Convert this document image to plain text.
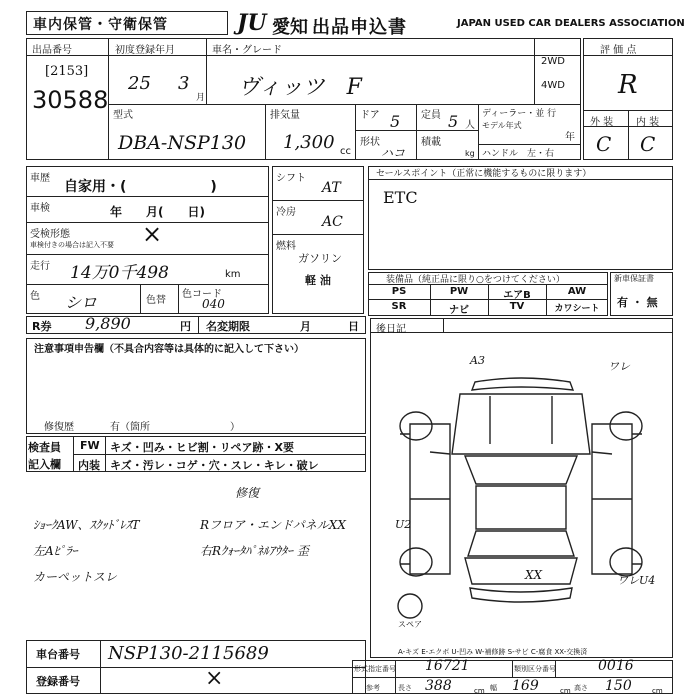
車内保管・守衛保管	JU 愛知 出品申込書	JAPAN USED CAR DEALERS ASSOCIATION
出品番号
[2153]
30588
初度登録年月
25 3
月
車名・グレード
ヴィッツ　F
2WD
4WD
型式
DBA-NSP130
排気量
1,300 cc
ドア 5 定員 5 人
形状
ハコ
積載
kg
ディーラー・並 行
モデル年式
年
ハンドル　左・右
評 価 点
R
外 装 内 装
C C
車歴
自家用・(　　　　　　)
車検	年　　月(　　日)
受検形態
車検付きの場合は記入不要 ×
走行 14万0千498	km
色 シロ	色替
色コード
040
シフト
AT
冷房
AC
燃料
ガソリン
軽 油
セールスポイント（正常に機能するものに限ります）
ETC
装備品（純正品に限り○をつけてください）
PS	PW	エアB	AW
SR	ナビ	TV	カワシート
新車保証書
有 ・ 無
R券 9,890	円 名変期限	月	日
注意事項申告欄（不具合内容等は具体的に記入して下さい）
修復歴	有（箇所　　　　　　　　）
検査員
記入欄
FW キズ・凹み・ヒビ割・リペア跡・X要
内装 キズ・汚レ・コゲ・穴・スレ・キレ・破レ
修復
ｼｮｰｸAW、ｽｸｯﾄﾞﾚｽT	Rフロア・エンドパネルXX
左Aﾋﾟﾗｰ	右Rｸｫｰﾀﾊﾟﾈﾙｱｳﾀｰ 歪
カーペットスレ
後日記
A3	ワレ
U2
XX	ワレU4
スペア
A-キズ E-エクボ U-凹み W-補修跡 S-サビ C-腐食 XX-交換済
車台番号 NSP130-2115689
登録番号	×	形式指定番号 16721	類別区分番号	0016
参考	長さ 388	cm 幅 169	cm 高さ 150	cm
